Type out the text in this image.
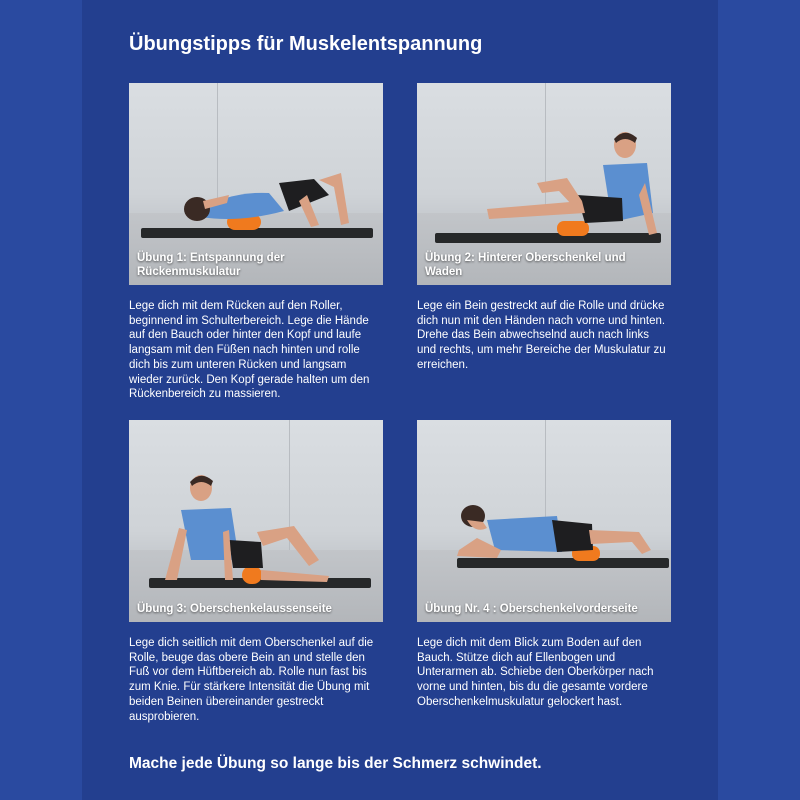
Übungstipps für Muskelentspannung
Übung 1: Entspannung der Rückenmuskulatur

Lege dich mit dem Rücken auf den Roller, beginnend im Schulterbereich. Lege die Hände auf den Bauch oder hinter den Kopf und laufe langsam mit den Füßen nach hinten und rolle dich bis zum unteren Rücken und langsam wieder zurück. Den Kopf gerade halten um den Rückenbereich zu massieren.

Übung 2: Hinterer Oberschenkel und Waden

Lege ein Bein gestreckt auf die Rolle und drücke dich nun mit den Händen nach vorne und hinten. Drehe das Bein abwechselnd auch nach links und rechts, um mehr Bereiche der Muskulatur zu erreichen.

Übung 3: Oberschenkelaussenseite

Lege dich seitlich mit dem Oberschenkel auf die Rolle, beuge das obere Bein an und stelle den Fuß vor dem Hüftbereich ab. Rolle nun fast bis zum Knie. Für stärkere Intensität die Übung mit beiden Beinen übereinander gestreckt ausprobieren.

Übung Nr. 4 : Oberschenkelvorderseite

Lege dich mit dem Blick zum Boden auf den Bauch. Stütze dich auf Ellenbogen und Unterarmen ab. Schiebe den Oberkörper nach vorne und hinten, bis du die gesamte vordere Oberschenkelmuskulatur gelockert hast.

Mache jede Übung so lange bis der Schmerz schwindet.
